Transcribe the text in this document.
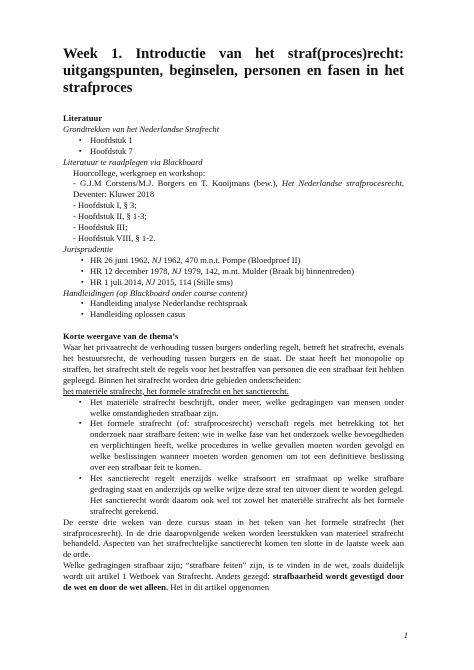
Week 1. Introductie van het straf(proces)recht: uitgangspunten, beginselen, personen en fasen in het strafproces
Literatuur
Grondtrekken van het Nederlandse Strafrecht
▪ Hoofdstuk 1
▪ Hoofdstuk 7
Literatuur te raadplegen via Blackboard
Hoorcollege, werkgroep en workshop:
- G.J.M Corstens/M.J. Borgers en T. Kooijmans (bew.), Het Nederlandse strafprocesrecht, Deventer: Kluwer 2018
- Hoofdstuk I, § 3;
- Hoofdstuk II, § 1-3;
- Hoofdstuk III;
- Hoofdstuk VIII, § 1-2.
Jurisprudentie
▪ HR 26 juni 1962, NJ 1962, 470 m.n.t. Pompe (Bloedproef II)
▪ HR 12 december 1978, NJ 1979, 142, m.nt. Mulder (Braak bij binnentreden)
▪ HR 1 juli 2014, NJ 2015, 114 (Stille sms)
Handleidingen (op Blackboard onder course content)
▪ Handleiding analyse Nederlandse rechtspraak
▪ Handleiding oplossen casus
Korte weergave van de thema’s
Waar het privaatrecht de verhouding tussen burgers onderling regelt, betreft het strafrecht, evenals het bestuursrecht, de verhouding tussen burgers en de staat. De staat heeft het monopolie op straffen, het strafrecht stelt de regels voor het bestraffen van personen die een strafbaar feit hebben gepleegd. Binnen het strafrecht worden drie gebieden onderscheiden:
het materiële strafrecht, het formele strafrecht en het sanctierecht.
▪ Het materiële strafrecht beschrijft, onder meer, welke gedragingen van mensen onder welke omstandigheden strafbaar zijn.
▪ Het formele strafrecht (of: strafprocesrecht) verschaft regels met betrekking tot het onderzoek naar strafbare feiten: wie in welke fase van het onderzoek welke bevoegdheden en verplichtingen heeft, welke procedures in welke gevallen moeten worden gevolgd en welke beslissingen wanneer moeten worden genomen om tot een definitieve beslissing over een strafbaar feit te komen.
▪ Het sanctierecht regelt enerzijds welke strafsoort en strafmaat op welke strafbare gedraging staat en anderzijds op welke wijze deze straf ten uitvoer dient te worden gelegd. Het sanctierecht wordt daarom ook wel tot zowel het materiële strafrecht als het formele strafrecht gerekend.
De eerste drie weken van deze cursus staan in het teken van het formele strafrecht (het strafprocesrecht). In de drie daaropvolgende weken worden leerstukken van materieel strafrecht behandeld. Aspecten van het strafrechtelijke sanctierecht komen ten slotte in de laatste week aan de orde.
Welke gedragingen strafbaar zijn; “strafbare feiten” zijn, is te vinden in de wet, zoals duidelijk wordt uit artikel 1 Wetboek van Strafrecht. Anders gezegd: strafbaarheid wordt gevestigd door de wet en door de wet alleen. Het in dit artikel opgenomen
1
